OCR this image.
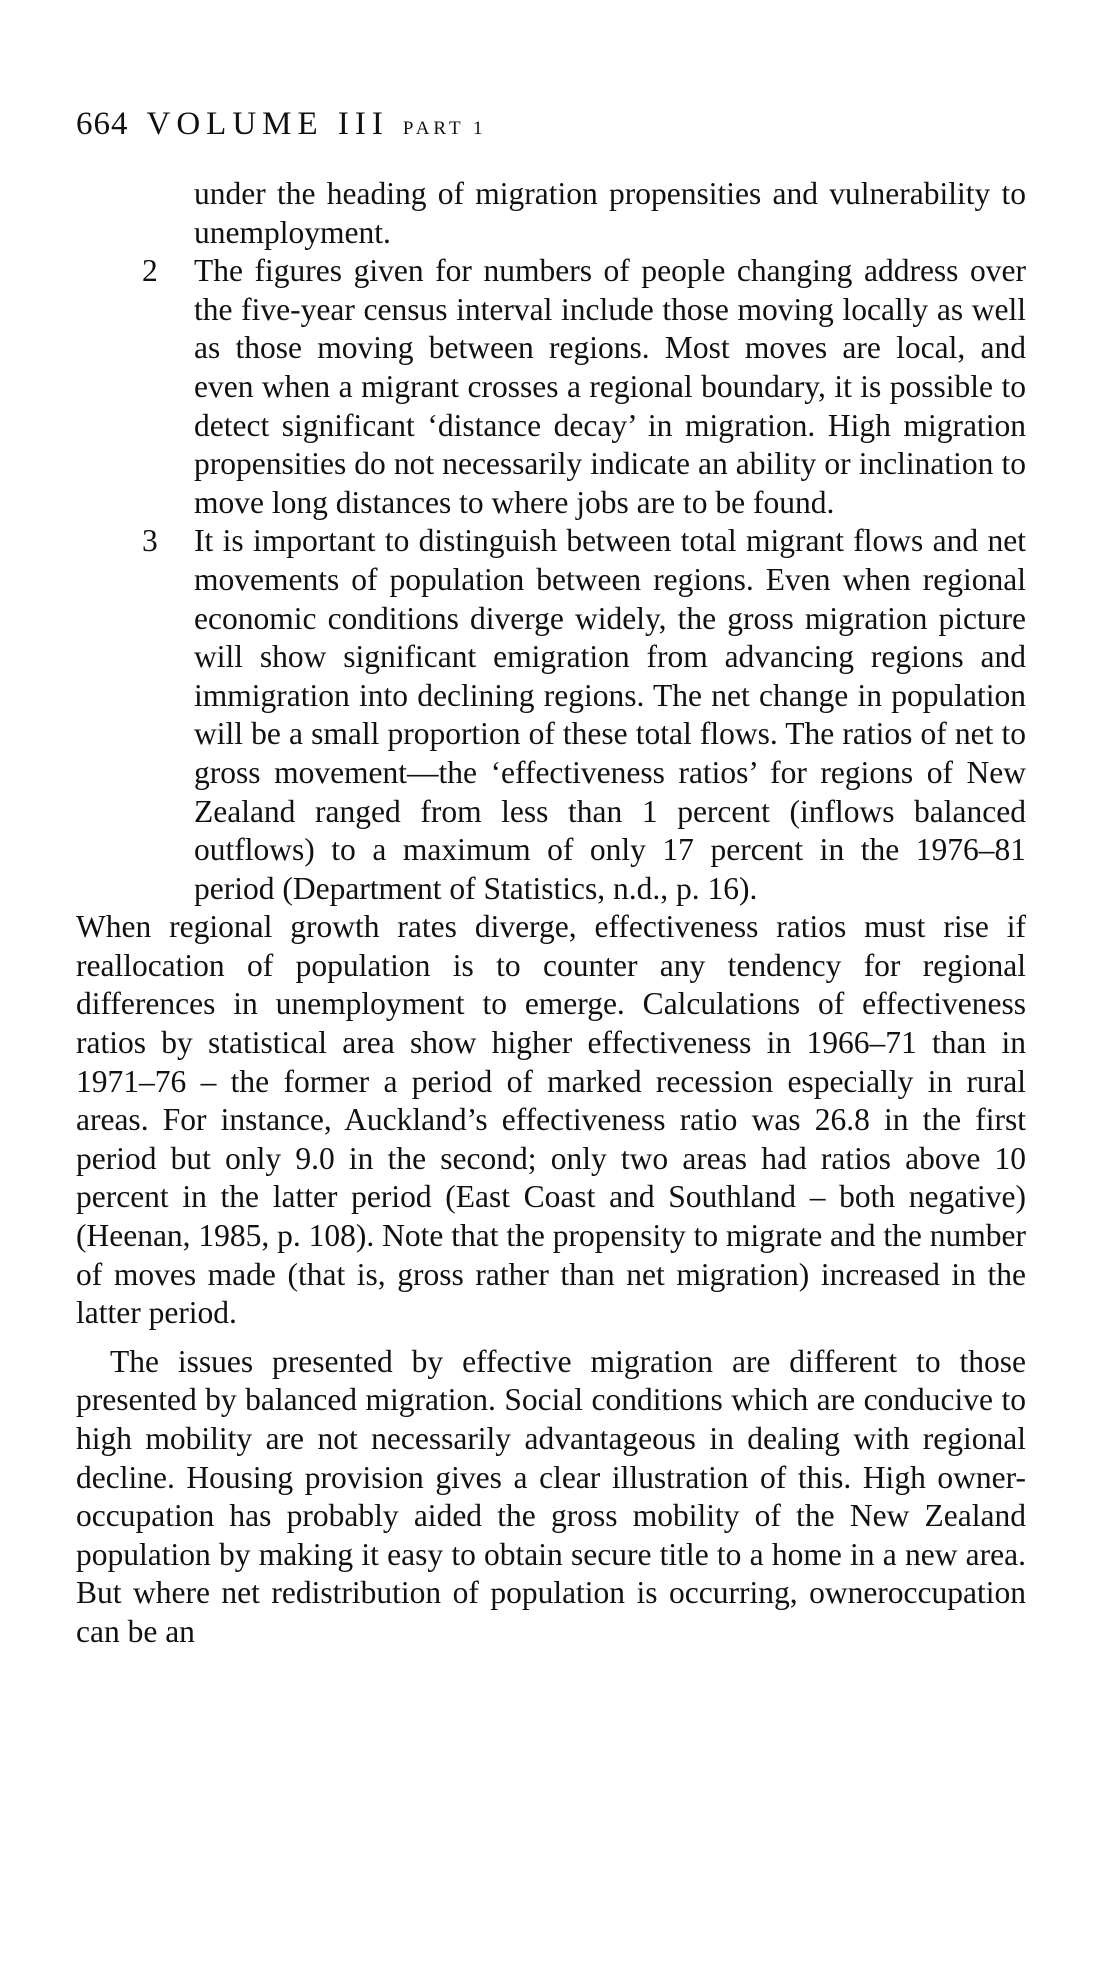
664 VOLUME III PART 1
under the heading of migration propensities and vulnerability to unemployment.
2 The figures given for numbers of people changing address over the five-year census interval include those moving locally as well as those moving between regions. Most moves are local, and even when a migrant crosses a regional boundary, it is possible to detect significant ‘distance decay’ in migration. High migration propensities do not necessarily indicate an ability or inclination to move long distances to where jobs are to be found.
3 It is important to distinguish between total migrant flows and net movements of population between regions. Even when regional economic conditions diverge widely, the gross migration picture will show significant emigration from advancing regions and immigration into declining regions. The net change in population will be a small proportion of these total flows. The ratios of net to gross movement—the ‘effectiveness ratios’ for regions of New Zealand ranged from less than 1 percent (inflows balanced outflows) to a maximum of only 17 percent in the 1976–81 period (Department of Statistics, n.d., p. 16).

When regional growth rates diverge, effectiveness ratios must rise if reallocation of population is to counter any tendency for regional differences in unemployment to emerge. Calculations of effectiveness ratios by statistical area show higher effectiveness in 1966–71 than in 1971–76 – the former a period of marked recession especially in rural areas. For instance, Auckland’s effectiveness ratio was 26.8 in the first period but only 9.0 in the second; only two areas had ratios above 10 percent in the latter period (East Coast and Southland – both negative) (Heenan, 1985, p. 108). Note that the propensity to migrate and the number of moves made (that is, gross rather than net migration) increased in the latter period.

The issues presented by effective migration are different to those presented by balanced migration. Social conditions which are conducive to high mobility are not necessarily advantageous in dealing with regional decline. Housing provision gives a clear illustration of this. High owner-occupation has probably aided the gross mobility of the New Zealand population by making it easy to obtain secure title to a home in a new area. But where net redistribution of population is occurring, owneroccupation can be an
